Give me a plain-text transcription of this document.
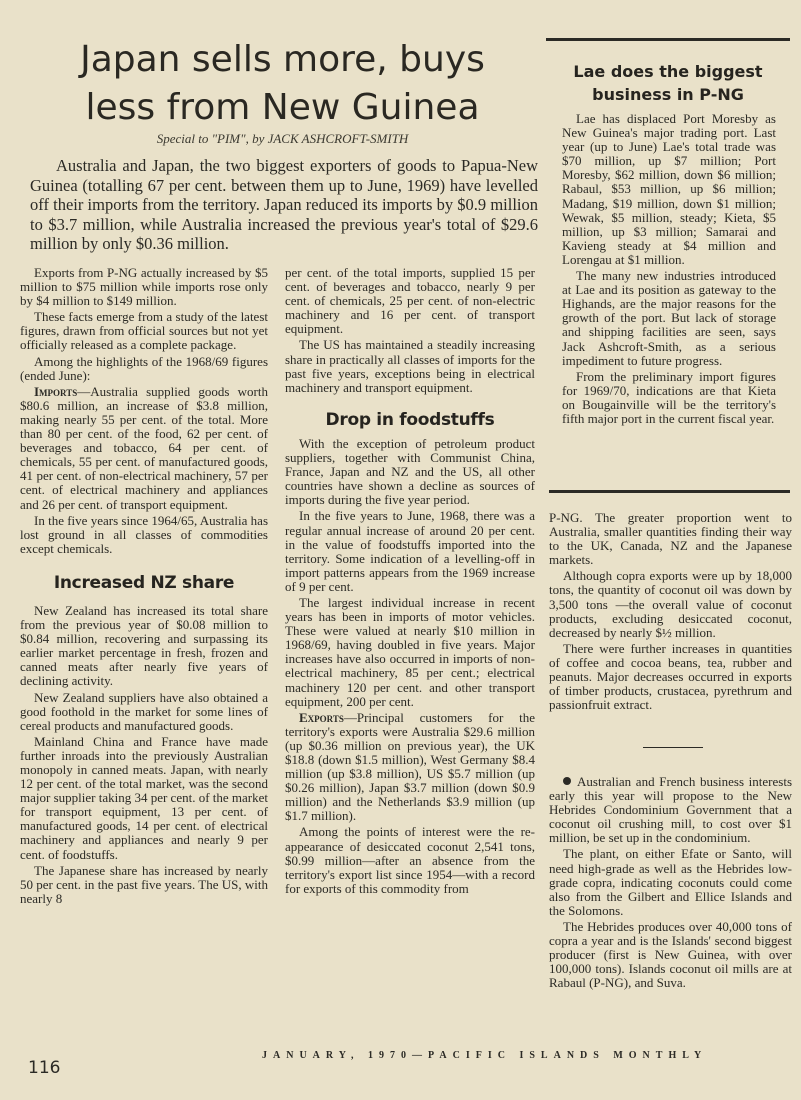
Japan sells more, buys
less from New Guinea
Special to "PIM", by JACK ASHCROFT-SMITH

Australia and Japan, the two biggest exporters of goods to Papua-New Guinea (totalling 67 per cent. between them up to June, 1969) have levelled off their imports from the territory. Japan reduced its imports by $0.9 million to $3.7 million, while Australia increased the previous year's total of $29.6 million by only $0.36 million.

Exports from P-NG actually increased by $5 million to $75 million while imports rose only by $4 million to $149 million.

These facts emerge from a study of the latest figures, drawn from official sources but not yet officially released as a complete package.

Among the highlights of the 1968/69 figures (ended June):

Imports—Australia supplied goods worth $80.6 million, an increase of $3.8 million, making nearly 55 per cent. of the total. More than 80 per cent. of the food, 62 per cent. of beverages and tobacco, 64 per cent. of chemicals, 55 per cent. of manufactured goods, 41 per cent. of non-electrical machinery, 57 per cent. of electrical machinery and appliances and 26 per cent. of transport equipment.

In the five years since 1964/65, Australia has lost ground in all classes of commodities except chemicals.

Increased NZ share

New Zealand has increased its total share from the previous year of $0.08 million to $0.84 million, recovering and surpassing its earlier market percentage in fresh, frozen and canned meats after nearly five years of declining activity.

New Zealand suppliers have also obtained a good foothold in the market for some lines of cereal products and manufactured goods.

Mainland China and France have made further inroads into the previously Australian monopoly in canned meats. Japan, with nearly 12 per cent. of the total market, was the second major supplier taking 34 per cent. of the market for transport equipment, 13 per cent. of manufactured goods, 14 per cent. of electrical machinery and appliances and nearly 9 per cent. of foodstuffs.

The Japanese share has increased by nearly 50 per cent. in the past five years. The US, with nearly 8

per cent. of the total imports, supplied 15 per cent. of beverages and tobacco, nearly 9 per cent. of chemicals, 25 per cent. of non-electric machinery and 16 per cent. of transport equipment.

The US has maintained a steadily increasing share in practically all classes of imports for the past five years, exceptions being in electrical machinery and transport equipment.

Drop in foodstuffs

With the exception of petroleum product suppliers, together with Communist China, France, Japan and NZ and the US, all other countries have shown a decline as sources of imports during the five year period.

In the five years to June, 1968, there was a regular annual increase of around 20 per cent. in the value of foodstuffs imported into the territory. Some indication of a levelling-off in import patterns appears from the 1969 increase of 9 per cent.

The largest individual increase in recent years has been in imports of motor vehicles. These were valued at nearly $10 million in 1968/69, having doubled in five years. Major increases have also occurred in imports of non-electrical machinery, 85 per cent.; electrical machinery 120 per cent. and other transport equipment, 200 per cent.

Exports—Principal customers for the territory's exports were Australia $29.6 million (up $0.36 million on previous year), the UK $18.8 (down $1.5 million), West Germany $8.4 million (up $3.8 million), US $5.7 million (up $0.26 million), Japan $3.7 million (down $0.9 million) and the Netherlands $3.9 million (up $1.7 million).

Among the points of interest were the re-appearance of desiccated coconut 2,541 tons, $0.99 million—after an absence from the territory's export list since 1954—with a record for exports of this commodity from

Lae does the biggest
business in P-NG

Lae has displaced Port Moresby as New Guinea's major trading port. Last year (up to June) Lae's total trade was $70 million, up $7 million; Port Moresby, $62 million, down $6 million; Rabaul, $53 million, up $6 million; Madang, $19 million, down $1 million; Wewak, $5 million, steady; Kieta, $5 million, up $3 million; Samarai and Kavieng steady at $4 million and Lorengau at $1 million.

The many new industries introduced at Lae and its position as gateway to the Highands, are the major reasons for the growth of the port. But lack of storage and shipping facilities are seen, says Jack Ashcroft-Smith, as a serious impediment to future progress.

From the preliminary import figures for 1969/70, indications are that Kieta on Bougainville will be the territory's fifth major port in the current fiscal year.

P-NG. The greater proportion went to Australia, smaller quantities finding their way to the UK, Canada, NZ and the Japanese markets.

Although copra exports were up by 18,000 tons, the quantity of coconut oil was down by 3,500 tons —the overall value of coconut products, excluding desiccated coconut, decreased by nearly $½ million.

There were further increases in quantities of coffee and cocoa beans, tea, rubber and peanuts. Major decreases occurred in exports of timber products, crustacea, pyrethrum and passionfruit extract.

Australian and French business interests early this year will propose to the New Hebrides Condominium Government that a coconut oil crushing mill, to cost over $1 million, be set up in the condominium.

The plant, on either Efate or Santo, will need high-grade as well as the Hebrides low-grade copra, indicating coconuts could come also from the Gilbert and Ellice Islands and the Solomons.

The Hebrides produces over 40,000 tons of copra a year and is the Islands' second biggest producer (first is New Guinea, with over 100,000 tons). Islands coconut oil mills are at Rabaul (P-NG), and Suva.

116
JANUARY, 1970—PACIFIC ISLANDS MONTHLY
